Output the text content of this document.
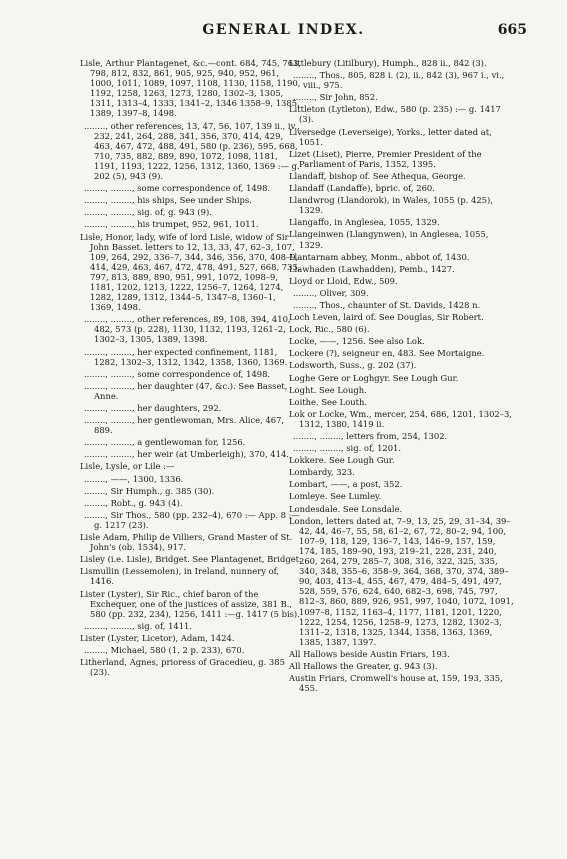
GENERAL INDEX.	665
Lisle, Arthur Plantagenet, &c.—cont. 684, 745, 763, 798, 812, 832, 861, 905, 925, 940, 952, 961, 1000, 1011, 1089, 1097, 1108, 1130, 1158, 1190, 1192, 1258, 1263, 1273, 1280, 1302–3, 1305, 1311, 1313–4, 1333, 1341–2, 1346 1358–9, 1385, 1389, 1397–8, 1498.
........, other references, 13, 47, 56, 107, 139 ii., iv., 232, 241, 264, 288, 341, 356, 370, 414, 429, 463, 467, 472, 488, 491, 580 (p. 236), 595, 668, 710, 735, 882, 889, 890, 1072, 1098, 1181, 1191, 1193, 1222, 1256, 1312, 1360, 1369 :— g. 202 (5), 943 (9).
........, ........, some correspondence of, 1498.
........, ........, his ships, See under Ships.
........, ........, sig. of, g. 943 (9).
........, ........, his trumpet, 952, 961, 1011.
Lisle, Honor, lady, wife of lord Lisle, widow of Sir John Basset. letters to 12, 13, 33, 47, 62–3, 107, 109, 264, 292, 336–7, 344, 346, 356, 370, 408–9, 414, 429, 463, 467, 472, 478, 491, 527, 668, 735, 797, 813, 889, 890, 951, 991, 1072, 1098–9, 1181, 1202, 1213, 1222, 1256–7, 1264, 1274, 1282, 1289, 1312, 1344–5, 1347–8, 1360–1, 1369, 1498.
........, ........, other references, 89, 108, 394, 410, 482, 573 (p. 228), 1130, 1132, 1193, 1261–2, 1302–3, 1305, 1389, 1398.
........, ........, her expected confinement, 1181, 1282, 1302–3, 1312, 1342, 1358, 1360, 1369.
........, ........, some correspondence of, 1498.
........, ........, her daughter (47, &c.). See Basset, Anne.
........, ........, her daughters, 292.
........, ........, her gentlewoman, Mrs. Alice, 467, 889.
........, ........, a gentlewoman for, 1256.
........, ........, her weir (at Umberleigh), 370, 414.
Lisle, Lysle, or Lile :—
........, ——, 1300, 1336.
........, Sir Humph., g. 385 (30).
........, Robt., g. 943 (4).
........, Sir Thos., 580 (pp. 232–4), 670 :— App. 8 :—g. 1217 (23).
Lisle Adam, Philip de Villiers, Grand Master of St. John's (ob. 1534), 917.
Lisley (i.e. Lisle), Bridget. See Plantagenet, Bridget.
Lismullin (Lessemolen), in Ireland, nunnery of, 1416.
Lister (Lyster), Sir Ric., chief baron of the Exchequer, one of the justices of assize, 381 B., 580 (pp. 232, 234), 1256, 1411 :—g. 1417 (5 bis).
........, ........, sig. of, 1411.
Lister (Lyster, Licetor), Adam, 1424.
........, Michael, 580 (1, 2 p. 233), 670.
Litherland, Agnes, prioress of Gracedieu, g. 385 (23).
Littlebury (Litilbury), Humph., 828 ii., 842 (3).
........, Thos., 805, 828 i. (2), ii., 842 (3), 967 i., vi., viii., 975.
........, Sir John, 852.
Littleton (Lytleton), Edw., 580 (p. 235) :— g. 1417 (3).
Liversedge (Leverseige), Yorks., letter dated at, 1051.
Lizet (Liset), Pierre, Premier President of the Parliament of Paris, 1352, 1395.
Llandaff, bishop of. See Athequa, George.
Llandaff (Landaffe), bpric. of, 260.
Llandwrog (Llandorok), in Wales, 1055 (p. 425), 1329.
Llangaffo, in Anglesea, 1055, 1329.
Llangeinwen (Llangynwen), in Anglesea, 1055, 1329.
Llantarnam abbey, Monm., abbot of, 1430.
Llawhaden (Lawhadden), Pemb., 1427.
Lloyd or Lloid, Edw., 509.
........, Oliver, 309.
........, Thos., chaunter of St. Davids, 1428 n.
Loch Leven, laird of. See Douglas, Sir Robert.
Lock, Ric., 580 (6).
Locke, ——, 1256. See also Lok.
Lockere (?), seigneur en, 483. See Mortaigne.
Lodsworth, Suss., g. 202 (37).
Loghe Gere or Loghgyr. See Lough Gur.
Loght. See Lough.
Loithe. See Louth.
Lok or Locke, Wm., mercer, 254, 686, 1201, 1302–3, 1312, 1380, 1419 ii.
........, ........, letters from, 254, 1302.
........, ........, sig. of, 1201.
Lokkere. See Lough Gur.
Lombardy, 323.
Lombart, ——, a post, 352.
Lomleye. See Lumley.
Londesdale. See Lonsdale.
London, letters dated at, 7–9, 13, 25, 29, 31–34, 39–42, 44, 46–7, 55, 58, 61–2, 67, 72, 80–2, 94, 100, 107–9, 118, 129, 136–7, 143, 146–9, 157, 159, 174, 185, 189–90, 193, 219–21, 228, 231, 240, 260, 264, 279, 285–7, 308, 316, 322, 325, 335, 340, 348, 355–6, 358–9, 364, 368, 370, 374, 389–90, 403, 413–4, 455, 467, 479, 484–5, 491, 497, 528, 559, 576, 624, 640, 682–3, 698, 745, 797, 812–3, 860, 889, 926, 951, 997, 1040, 1072, 1091, 1097–8, 1152, 1163–4, 1177, 1181, 1201, 1220, 1222, 1254, 1256, 1258–9, 1273, 1282, 1302–3, 1311–2, 1318, 1325, 1344, 1358, 1363, 1369, 1385, 1387, 1397.
All Hallows beside Austin Friars, 193.
All Hallows the Greater, g. 943 (3).
Austin Friars, Cromwell's house at, 159, 193, 335, 455.
